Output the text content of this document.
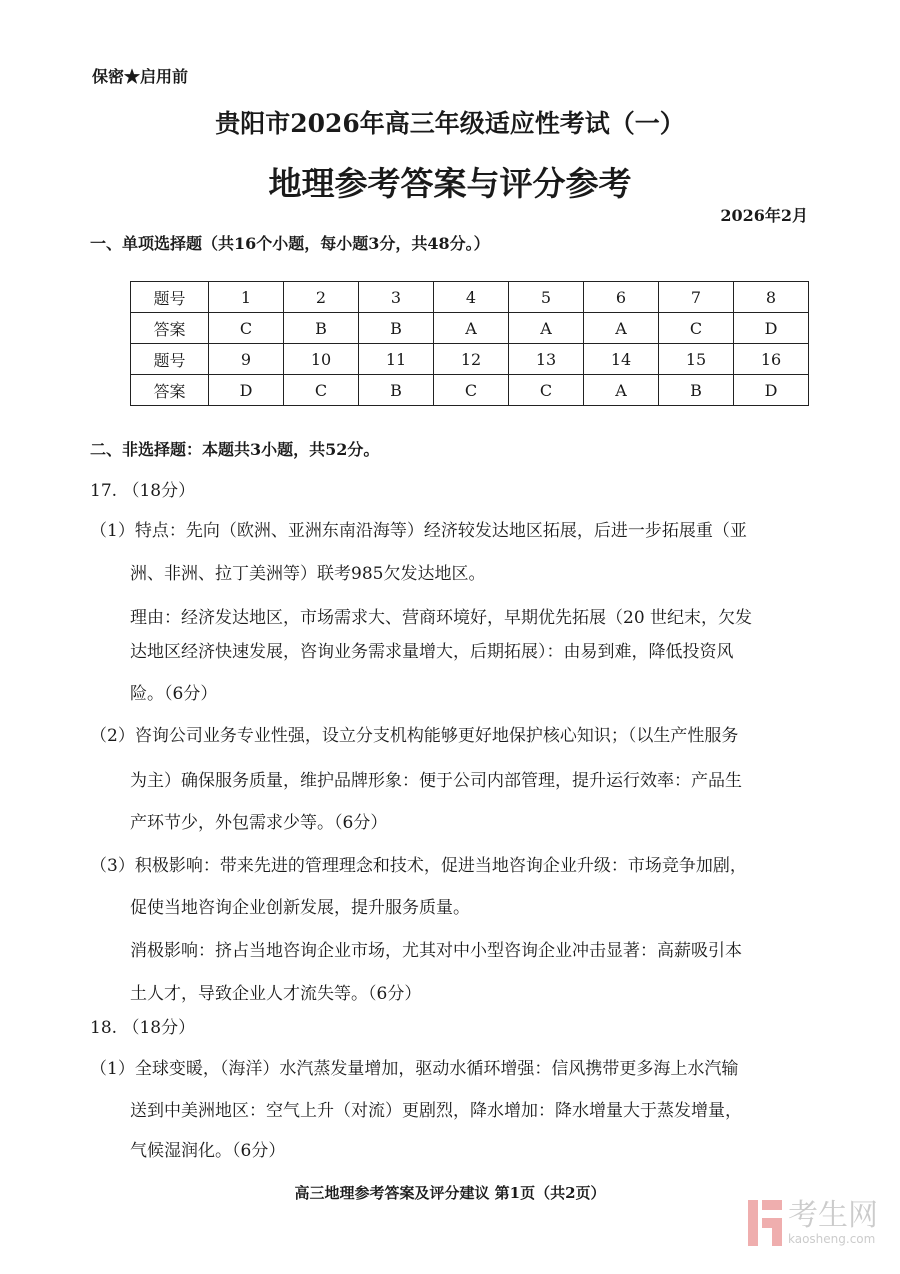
保密★启用前
贵阳市2026年高三年级适应性考试（一）
地理参考答案与评分参考
2026年2月
一、单项选择题（共16个小题，每小题3分，共48分。）
题号	1	2	3	4	5	6	7	8
答案	C	B	B	A	A	A	C	D
题号	9	10	11	12	13	14	15	16
答案	D	C	B	C	C	A	B	D
二、非选择题：本题共3小题，共52分。
17. （18分）
（1）特点：先向（欧洲、亚洲东南沿海等）经济较发达地区拓展，后进一步拓展重（亚
洲、非洲、拉丁美洲等）联考985欠发达地区。
理由：经济发达地区，市场需求大、营商环境好，早期优先拓展（20 世纪末，欠发
达地区经济快速发展，咨询业务需求量增大，后期拓展）：由易到难，降低投资风
险。（6分）
（2）咨询公司业务专业性强，设立分支机构能够更好地保护核心知识；（以生产性服务
为主）确保服务质量，维护品牌形象：便于公司内部管理，提升运行效率：产品生
产环节少，外包需求少等。（6分）
（3）积极影响：带来先进的管理理念和技术，促进当地咨询企业升级：市场竞争加剧，
促使当地咨询企业创新发展，提升服务质量。
消极影响：挤占当地咨询企业市场，尤其对中小型咨询企业冲击显著：高薪吸引本
土人才，导致企业人才流失等。（6分）
18. （18分）
（1）全球变暖，（海洋）水汽蒸发量增加，驱动水循环增强：信风携带更多海上水汽输
送到中美洲地区：空气上升（对流）更剧烈，降水增加：降水增量大于蒸发增量，
气候湿润化。（6分）
高三地理参考答案及评分建议 第1页（共2页）
考生网
kaosheng.com
